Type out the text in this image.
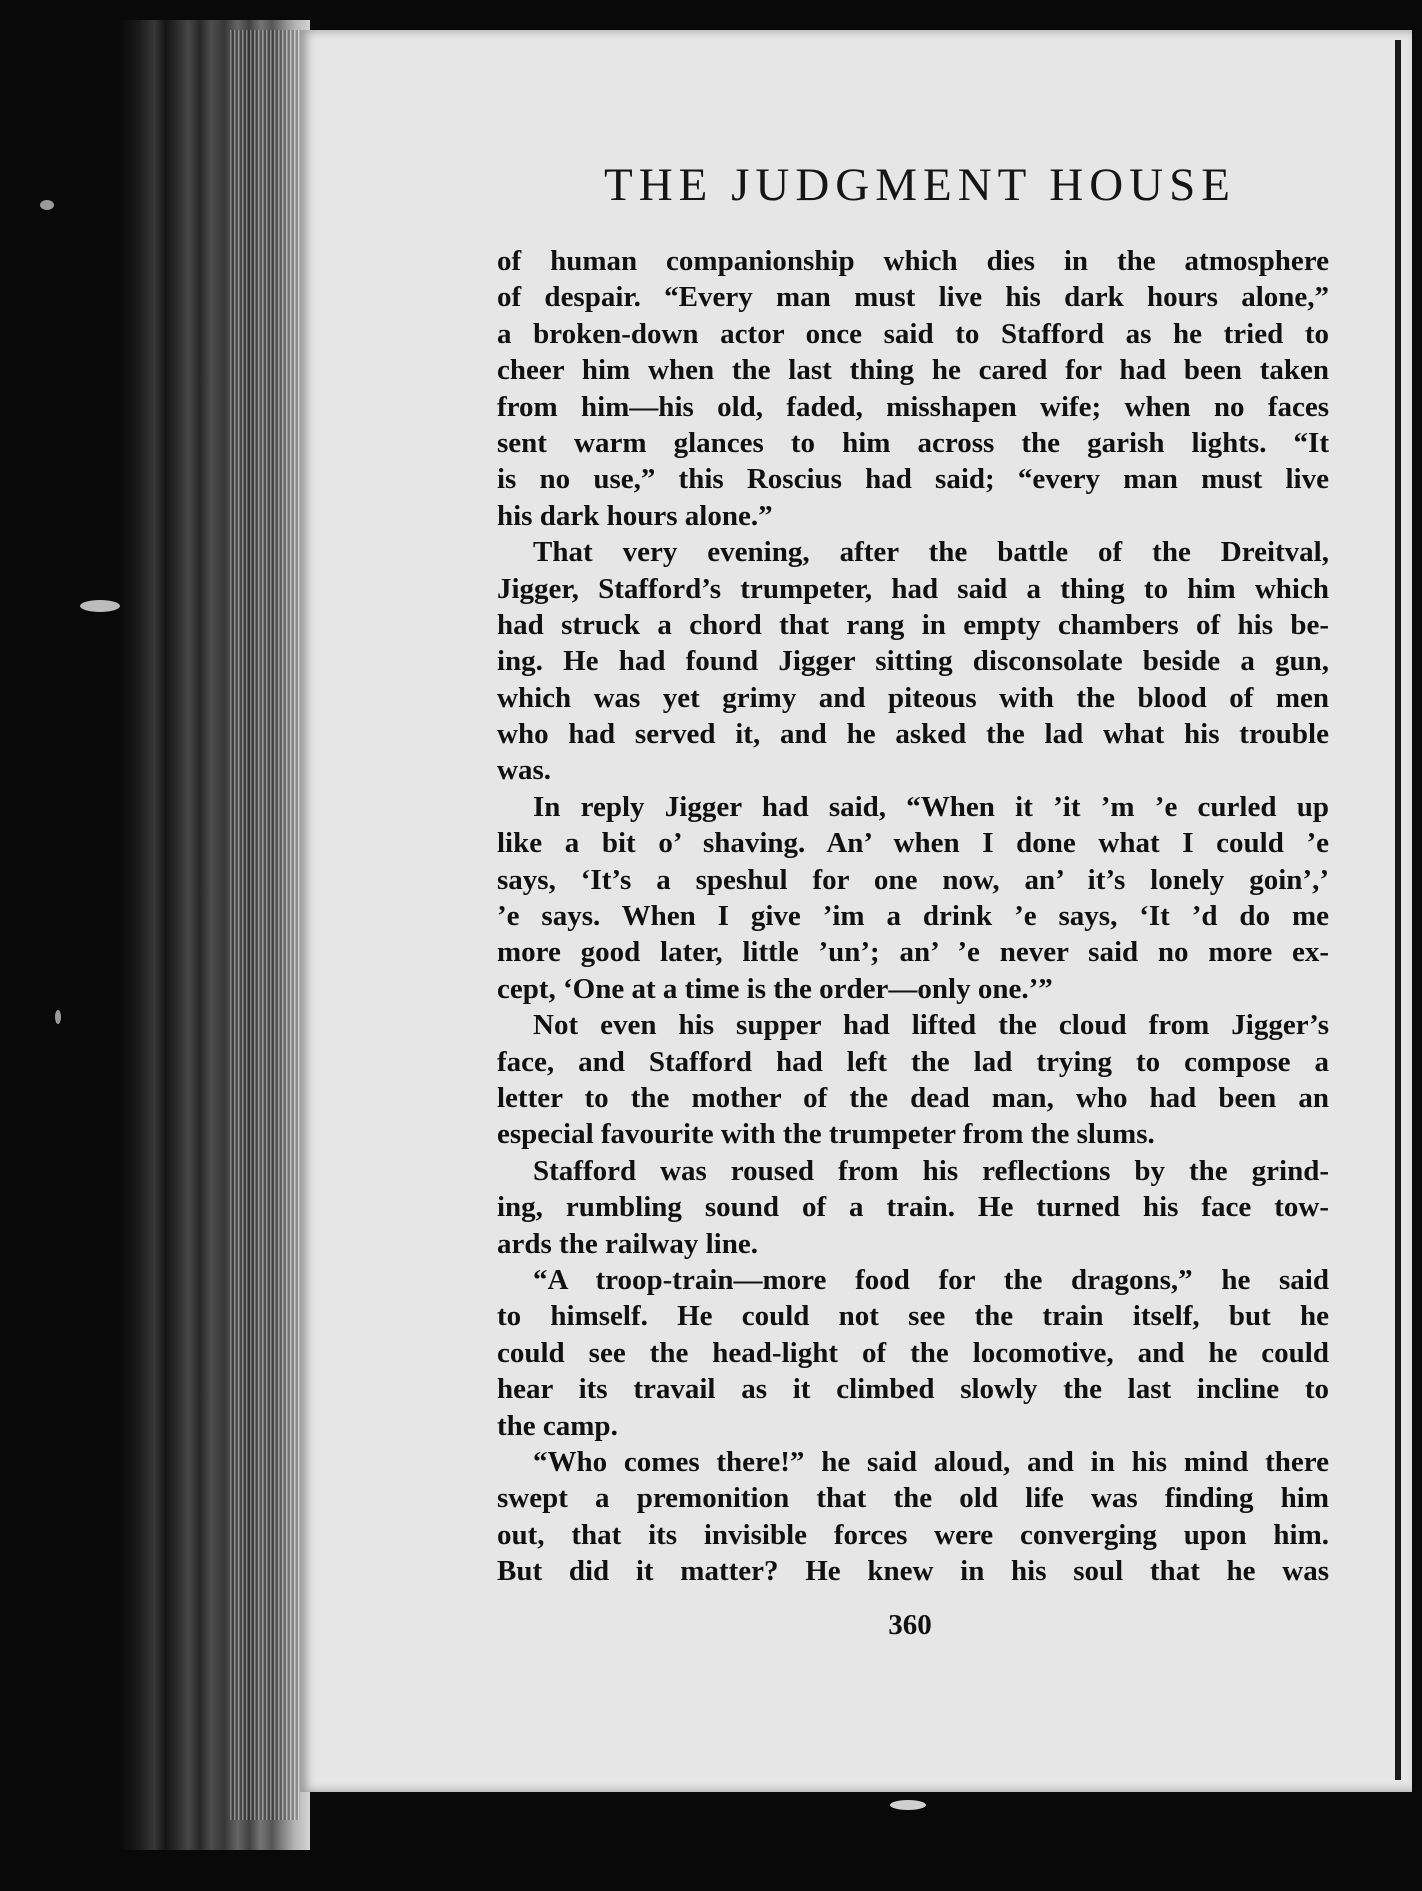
THE JUDGMENT HOUSE
of human companionship which dies in the atmosphere
of despair. “Every man must live his dark hours alone,”
a broken-down actor once said to Stafford as he tried to
cheer him when the last thing he cared for had been taken
from him—his old, faded, misshapen wife; when no faces
sent warm glances to him across the garish lights. “It
is no use,” this Roscius had said; “every man must live
his dark hours alone.”
That very evening, after the battle of the Dreitval,
Jigger, Stafford’s trumpeter, had said a thing to him which
had struck a chord that rang in empty chambers of his be-
ing. He had found Jigger sitting disconsolate beside a gun,
which was yet grimy and piteous with the blood of men
who had served it, and he asked the lad what his trouble
was.
In reply Jigger had said, “When it ’it ’m ’e curled up
like a bit o’ shaving. An’ when I done what I could ’e
says, ‘It’s a speshul for one now, an’ it’s lonely goin’,’
’e says. When I give ’im a drink ’e says, ‘It ’d do me
more good later, little ’un’; an’ ’e never said no more ex-
cept, ‘One at a time is the order—only one.’”
Not even his supper had lifted the cloud from Jigger’s
face, and Stafford had left the lad trying to compose a
letter to the mother of the dead man, who had been an
especial favourite with the trumpeter from the slums.
Stafford was roused from his reflections by the grind-
ing, rumbling sound of a train. He turned his face tow-
ards the railway line.
“A troop-train—more food for the dragons,” he said
to himself. He could not see the train itself, but he
could see the head-light of the locomotive, and he could
hear its travail as it climbed slowly the last incline to
the camp.
“Who comes there!” he said aloud, and in his mind there
swept a premonition that the old life was finding him
out, that its invisible forces were converging upon him.
But did it matter? He knew in his soul that he was
360
